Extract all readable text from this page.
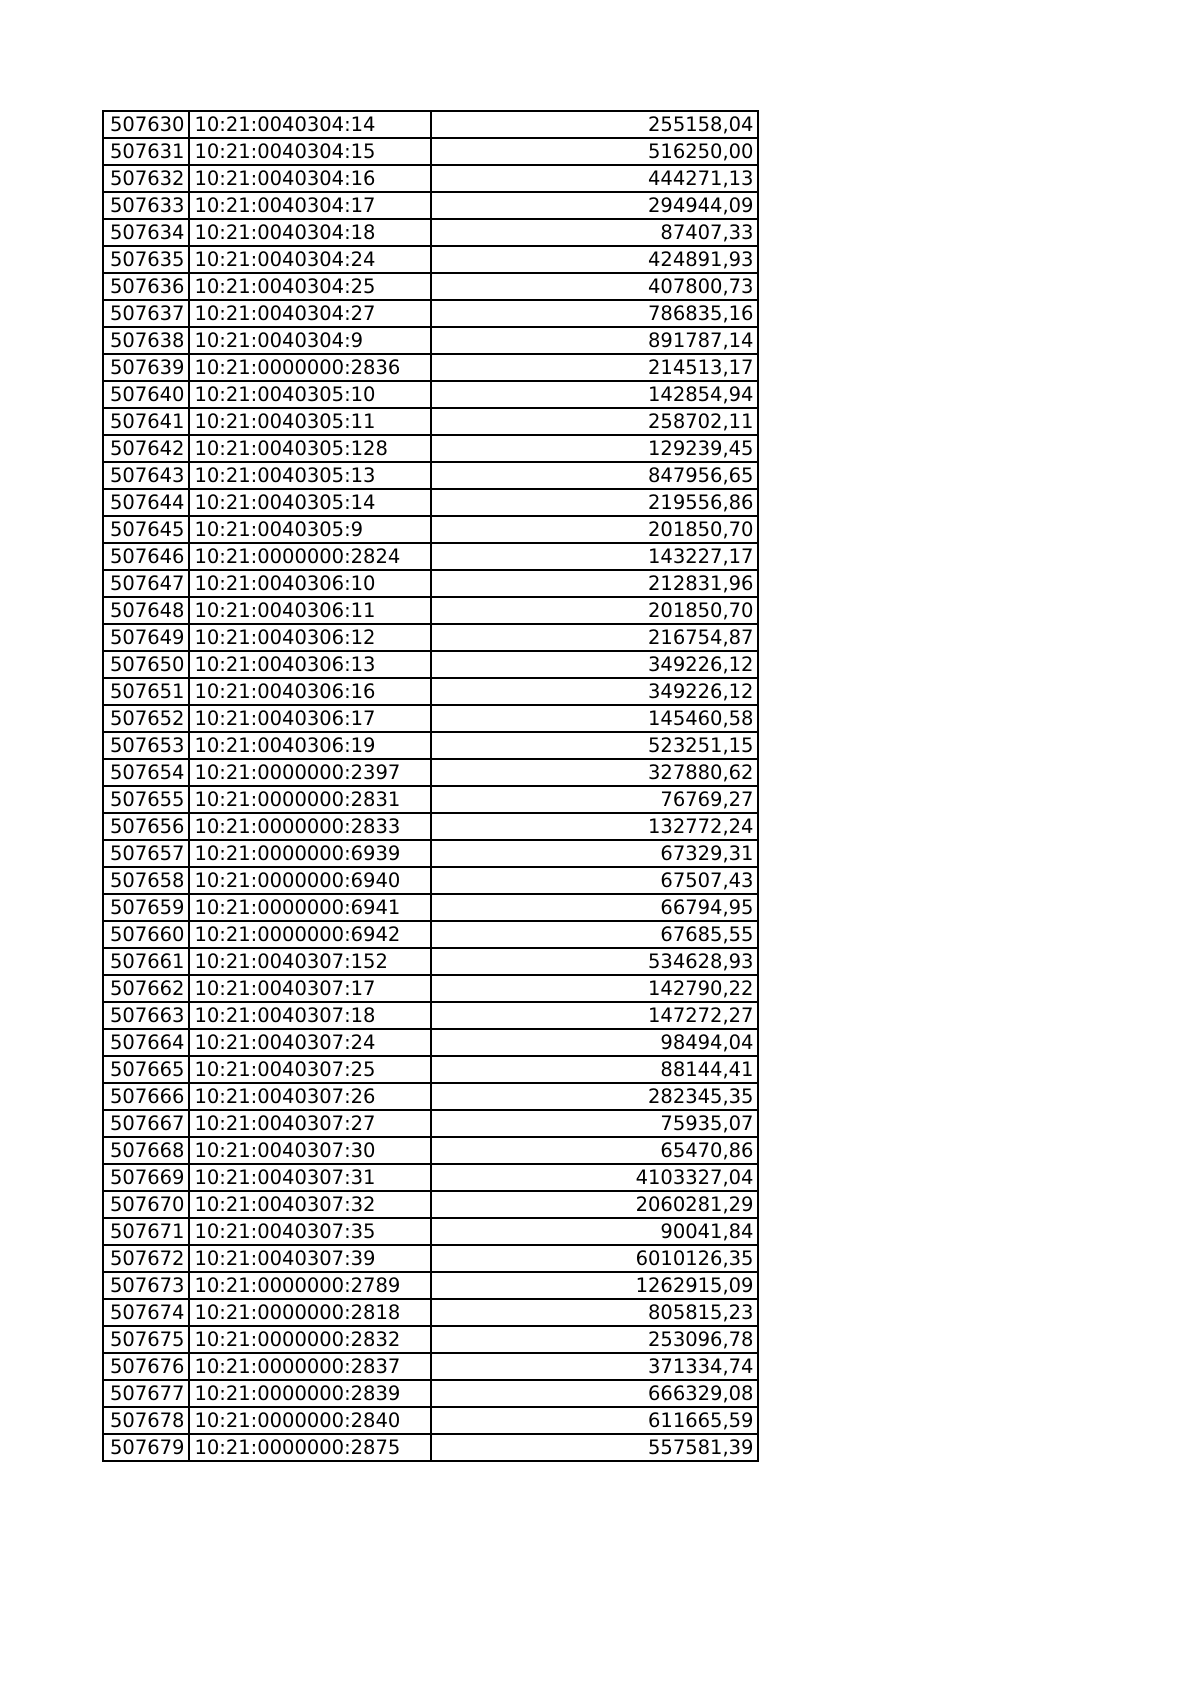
507630	10:21:0040304:14	255158,04
507631	10:21:0040304:15	516250,00
507632	10:21:0040304:16	444271,13
507633	10:21:0040304:17	294944,09
507634	10:21:0040304:18	87407,33
507635	10:21:0040304:24	424891,93
507636	10:21:0040304:25	407800,73
507637	10:21:0040304:27	786835,16
507638	10:21:0040304:9	891787,14
507639	10:21:0000000:2836	214513,17
507640	10:21:0040305:10	142854,94
507641	10:21:0040305:11	258702,11
507642	10:21:0040305:128	129239,45
507643	10:21:0040305:13	847956,65
507644	10:21:0040305:14	219556,86
507645	10:21:0040305:9	201850,70
507646	10:21:0000000:2824	143227,17
507647	10:21:0040306:10	212831,96
507648	10:21:0040306:11	201850,70
507649	10:21:0040306:12	216754,87
507650	10:21:0040306:13	349226,12
507651	10:21:0040306:16	349226,12
507652	10:21:0040306:17	145460,58
507653	10:21:0040306:19	523251,15
507654	10:21:0000000:2397	327880,62
507655	10:21:0000000:2831	76769,27
507656	10:21:0000000:2833	132772,24
507657	10:21:0000000:6939	67329,31
507658	10:21:0000000:6940	67507,43
507659	10:21:0000000:6941	66794,95
507660	10:21:0000000:6942	67685,55
507661	10:21:0040307:152	534628,93
507662	10:21:0040307:17	142790,22
507663	10:21:0040307:18	147272,27
507664	10:21:0040307:24	98494,04
507665	10:21:0040307:25	88144,41
507666	10:21:0040307:26	282345,35
507667	10:21:0040307:27	75935,07
507668	10:21:0040307:30	65470,86
507669	10:21:0040307:31	4103327,04
507670	10:21:0040307:32	2060281,29
507671	10:21:0040307:35	90041,84
507672	10:21:0040307:39	6010126,35
507673	10:21:0000000:2789	1262915,09
507674	10:21:0000000:2818	805815,23
507675	10:21:0000000:2832	253096,78
507676	10:21:0000000:2837	371334,74
507677	10:21:0000000:2839	666329,08
507678	10:21:0000000:2840	611665,59
507679	10:21:0000000:2875	557581,39
